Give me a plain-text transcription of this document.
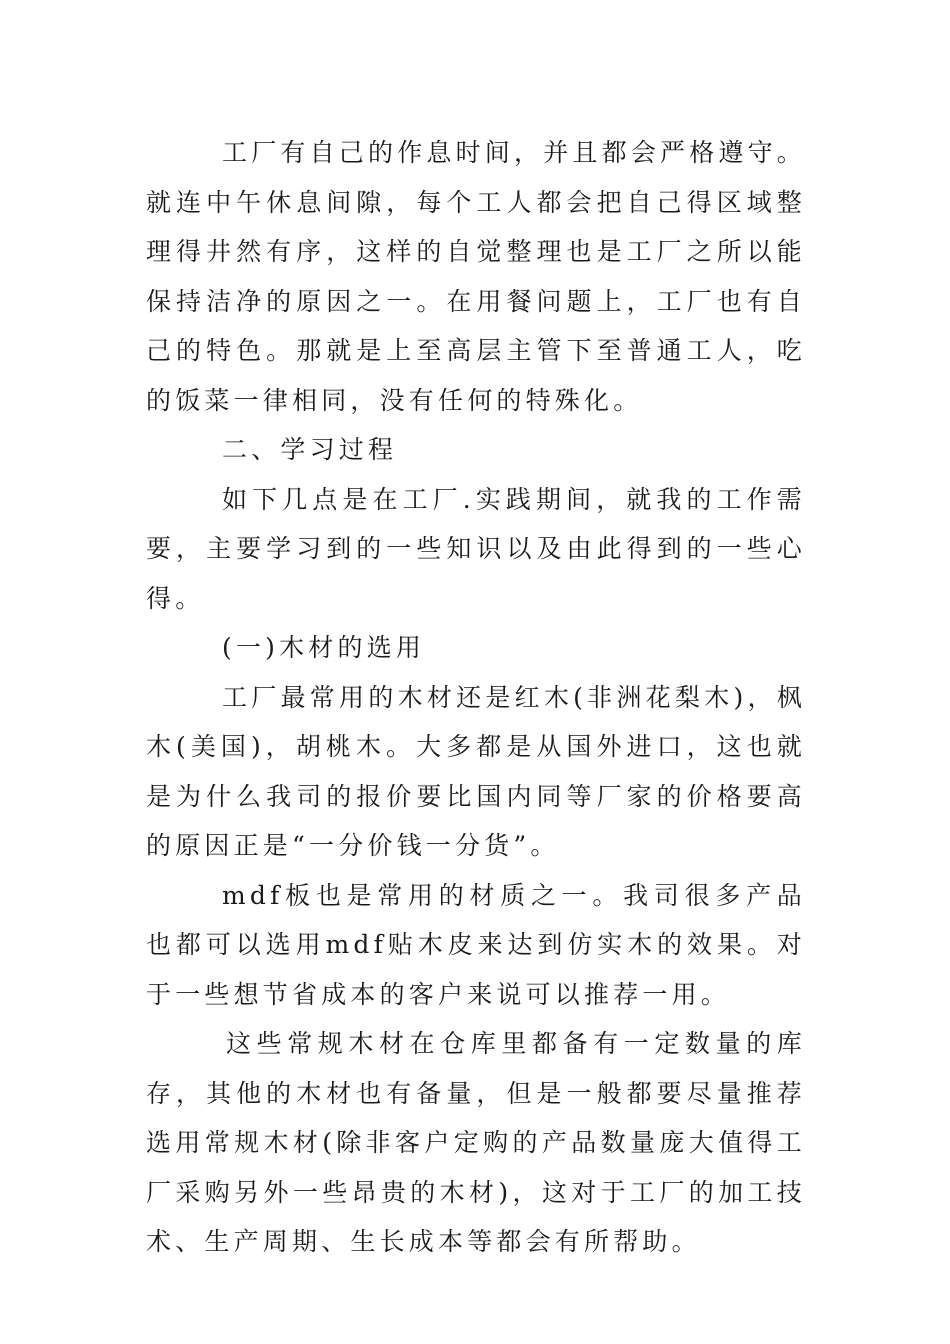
工厂有自己的作息时间，并且都会严格遵守。就连中午休息间隙，每个工人都会把自己得区域整理得井然有序，这样的自觉整理也是工厂之所以能保持洁净的原因之一。在用餐问题上，工厂也有自己的特色。那就是上至高层主管下至普通工人，吃的饭菜一律相同，没有任何的特殊化。

二、学习过程

如下几点是在工厂.实践期间，就我的工作需要，主要学习到的一些知识以及由此得到的一些心得。

(一)木材的选用

工厂最常用的木材还是红木(非洲花梨木)，枫木(美国)，胡桃木。大多都是从国外进口，这也就是为什么我司的报价要比国内同等厂家的价格要高的原因正是“一分价钱一分货”。

mdf板也是常用的材质之一。我司很多产品也都可以选用mdf贴木皮来达到仿实木的效果。对于一些想节省成本的客户来说可以推荐一用。

这些常规木材在仓库里都备有一定数量的库存，其他的木材也有备量，但是一般都要尽量推荐选用常规木材(除非客户定购的产品数量庞大值得工厂采购另外一些昂贵的木材)，这对于工厂的加工技术、生产周期、生长成本等都会有所帮助。
